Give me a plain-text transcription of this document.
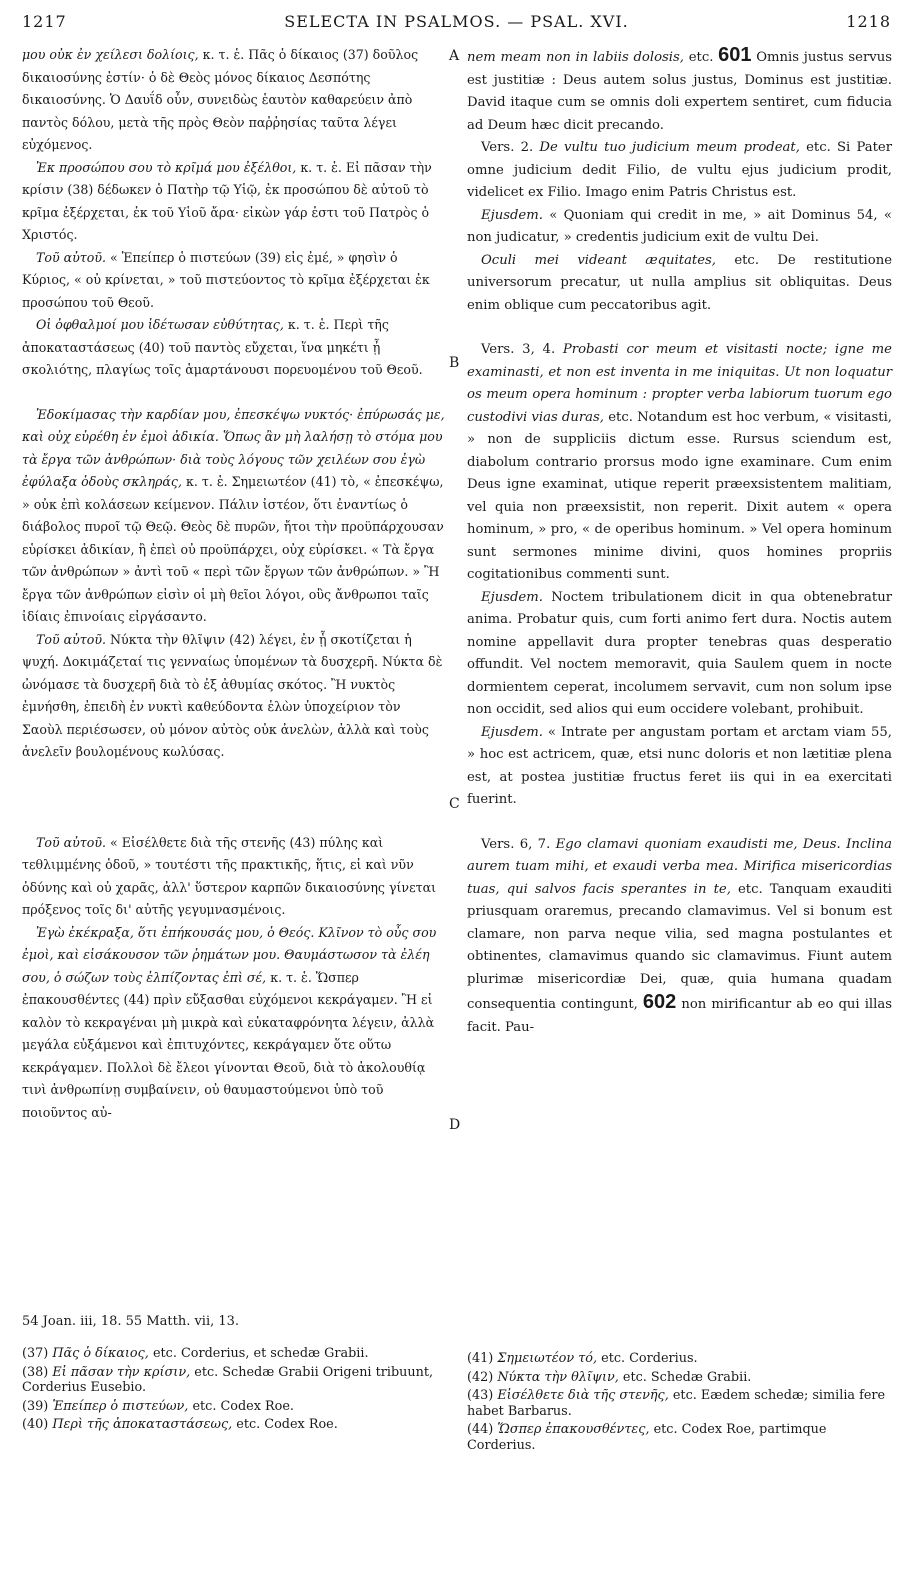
1217	SELECTA IN PSALMOS. — PSAL. XVI.	1218
A
B
C
D

μου οὐκ ἐν χείλεσι δολίοις, κ. τ. ἑ. Πᾶς ὁ δίκαιος (37) δοῦλος δικαιοσύνης ἐστίν· ὁ δὲ Θεὸς μόνος δίκαιος Δεσπότης δικαιοσύνης. Ὁ Δαυΐδ οὖν, συνειδὼς ἑαυτὸν καθαρεύειν ἀπὸ παντὸς δόλου, μετὰ τῆς πρὸς Θεὸν παῤῥησίας ταῦτα λέγει εὐχόμενος.

Ἐκ προσώπου σου τὸ κρῖμά μου ἐξέλθοι, κ. τ. ἑ. Εἰ πᾶσαν τὴν κρίσιν (38) δέδωκεν ὁ Πατὴρ τῷ Υἱῷ, ἐκ προσώπου δὲ αὐτοῦ τὸ κρῖμα ἐξέρχεται, ἐκ τοῦ Υἱοῦ ἄρα· εἰκὼν γάρ ἐστι τοῦ Πατρὸς ὁ Χριστός.

Τοῦ αὐτοῦ. « Ἐπείπερ ὁ πιστεύων (39) εἰς ἐμέ, » φησὶν ὁ Κύριος, « οὐ κρίνεται, » τοῦ πιστεύοντος τὸ κρῖμα ἐξέρχεται ἐκ προσώπου τοῦ Θεοῦ.

Οἱ ὀφθαλμοί μου ἰδέτωσαν εὐθύτητας, κ. τ. ἑ. Περὶ τῆς ἀποκαταστάσεως (40) τοῦ παντὸς εὔχεται, ἵνα μηκέτι ᾖ σκολιότης, πλαγίως τοῖς ἁμαρτάνουσι πορευομένου τοῦ Θεοῦ.

Ἐδοκίμασας τὴν καρδίαν μου, ἐπεσκέψω νυκτός· ἐπύρωσάς με, καὶ οὐχ εὑρέθη ἐν ἐμοὶ ἀδικία. Ὅπως ἂν μὴ λαλήσῃ τὸ στόμα μου τὰ ἔργα τῶν ἀνθρώπων· διὰ τοὺς λόγους τῶν χειλέων σου ἐγὼ ἐφύλαξα ὁδοὺς σκληράς, κ. τ. ἑ. Σημειωτέον (41) τὸ, « ἐπεσκέψω, » οὐκ ἐπὶ κολάσεων κείμενον. Πάλιν ἰστέον, ὅτι ἐναντίως ὁ διάβολος πυροῖ τῷ Θεῷ. Θεὸς δὲ πυρῶν, ἤτοι τὴν προϋπάρχουσαν εὑρίσκει ἀδικίαν, ἢ ἐπεὶ οὐ προϋπάρχει, οὐχ εὑρίσκει. « Τὰ ἔργα τῶν ἀνθρώπων » ἀντὶ τοῦ « περὶ τῶν ἔργων τῶν ἀνθρώπων. » Ἢ ἔργα τῶν ἀνθρώπων εἰσὶν οἱ μὴ θεῖοι λόγοι, οὓς ἄνθρωποι ταῖς ἰδίαις ἐπινοίαις εἰργάσαντο.

Τοῦ αὐτοῦ. Νύκτα τὴν θλῖψιν (42) λέγει, ἐν ᾗ σκοτίζεται ἡ ψυχή. Δοκιμάζεταί τις γενναίως ὑπομένων τὰ δυσχερῆ. Νύκτα δὲ ὠνόμασε τὰ δυσχερῆ διὰ τὸ ἐξ ἀθυμίας σκότος. Ἢ νυκτὸς ἐμνήσθη, ἐπειδὴ ἐν νυκτὶ καθεύδοντα ἑλὼν ὑποχείριον τὸν Σαοὺλ περιέσωσεν, οὐ μόνον αὐτὸς οὐκ ἀνελὼν, ἀλλὰ καὶ τοὺς ἀνελεῖν βουλομένους κωλύσας.

Τοῦ αὐτοῦ. « Εἰσέλθετε διὰ τῆς στενῆς (43) πύλης καὶ τεθλιμμένης ὁδοῦ, » τουτέστι τῆς πρακτικῆς, ἥτις, εἰ καὶ νῦν ὀδύνης καὶ οὐ χαρᾶς, ἀλλ' ὕστερον καρπῶν δικαιοσύνης γίνεται πρόξενος τοῖς δι' αὐτῆς γεγυμνασμένοις.

Ἐγὼ ἐκέκραξα, ὅτι ἐπήκουσάς μου, ὁ Θεός. Κλῖνον τὸ οὖς σου ἐμοὶ, καὶ εἰσάκουσον τῶν ῥημάτων μου. Θαυμάστωσον τὰ ἐλέη σου, ὁ σώζων τοὺς ἐλπίζοντας ἐπὶ σέ, κ. τ. ἑ. Ὥσπερ ἐπακουσθέντες (44) πρὶν εὔξασθαι εὐχόμενοι κεκράγαμεν. Ἢ εἰ καλὸν τὸ κεκραγέναι μὴ μικρὰ καὶ εὐκαταφρόνητα λέγειν, ἀλλὰ μεγάλα εὐξάμενοι καὶ ἐπιτυχόντες, κεκράγαμεν ὅτε οὕτω κεκράγαμεν. Πολλοὶ δὲ ἔλεοι γίνονται Θεοῦ, διὰ τὸ ἀκολουθίᾳ τινὶ ἀνθρωπίνῃ συμβαίνειν, οὐ θαυμαστούμενοι ὑπὸ τοῦ ποιοῦντος αὐ-

nem meam non in labiis dolosis, etc. 601 Omnis justus servus est justitiæ : Deus autem solus justus, Dominus est justitiæ. David itaque cum se omnis doli expertem sentiret, cum fiducia ad Deum hæc dicit precando.

Vers. 2. De vultu tuo judicium meum prodeat, etc. Si Pater omne judicium dedit Filio, de vultu ejus judicium prodit, videlicet ex Filio. Imago enim Patris Christus est.

Ejusdem. « Quoniam qui credit in me, » ait Dominus 54, « non judicatur, » credentis judicium exit de vultu Dei.

Oculi mei videant æquitates, etc. De restitutione universorum precatur, ut nulla amplius sit obliquitas. Deus enim oblique cum peccatoribus agit.

Vers. 3, 4. Probasti cor meum et visitasti nocte; igne me examinasti, et non est inventa in me iniquitas. Ut non loquatur os meum opera hominum : propter verba labiorum tuorum ego custodivi vias duras, etc. Notandum est hoc verbum, « visitasti, » non de suppliciis dictum esse. Rursus sciendum est, diabolum contrario prorsus modo igne examinare. Cum enim Deus igne examinat, utique reperit præexsistentem malitiam, vel quia non præexsistit, non reperit. Dixit autem « opera hominum, » pro, « de operibus hominum. » Vel opera hominum sunt sermones minime divini, quos homines propriis cogitationibus commenti sunt.

Ejusdem. Noctem tribulationem dicit in qua obtenebratur anima. Probatur quis, cum forti animo fert dura. Noctis autem nomine appellavit dura propter tenebras quas desperatio offundit. Vel noctem memoravit, quia Saulem quem in nocte dormientem ceperat, incolumem servavit, cum non solum ipse non occidit, sed alios qui eum occidere volebant, prohibuit.

Ejusdem. « Intrate per angustam portam et arctam viam 55, » hoc est actricem, quæ, etsi nunc doloris et non lætitiæ plena est, at postea justitiæ fructus feret iis qui in ea exercitati fuerint.

Vers. 6, 7. Ego clamavi quoniam exaudisti me, Deus. Inclina aurem tuam mihi, et exaudi verba mea. Mirifica misericordias tuas, qui salvos facis sperantes in te, etc. Tanquam exauditi priusquam oraremus, precando clamavimus. Vel si bonum est clamare, non parva neque vilia, sed magna postulantes et obtinentes, clamavimus quando sic clamavimus. Fiunt autem plurimæ misericordiæ Dei, quæ, quia humana quadam consequentia contingunt, 602 non mirificantur ab eo qui illas facit. Pau-

54 Joan. iii, 18. 55 Matth. vii, 13.

(37) Πᾶς ὁ δίκαιος, etc. Corderius, et schedæ Grabii.

(38) Εἰ πᾶσαν τὴν κρίσιν, etc. Schedæ Grabii Origeni tribuunt, Corderius Eusebio.

(39) Ἐπείπερ ὁ πιστεύων, etc. Codex Roe.

(40) Περὶ τῆς ἀποκαταστάσεως, etc. Codex Roe.

(41) Σημειωτέον τό, etc. Corderius.

(42) Νύκτα τὴν θλῖψιν, etc. Schedæ Grabii.

(43) Εἰσέλθετε διὰ τῆς στενῆς, etc. Eædem schedæ; similia fere habet Barbarus.

(44) Ὥσπερ ἐπακουσθέντες, etc. Codex Roe, partimque Corderius.
